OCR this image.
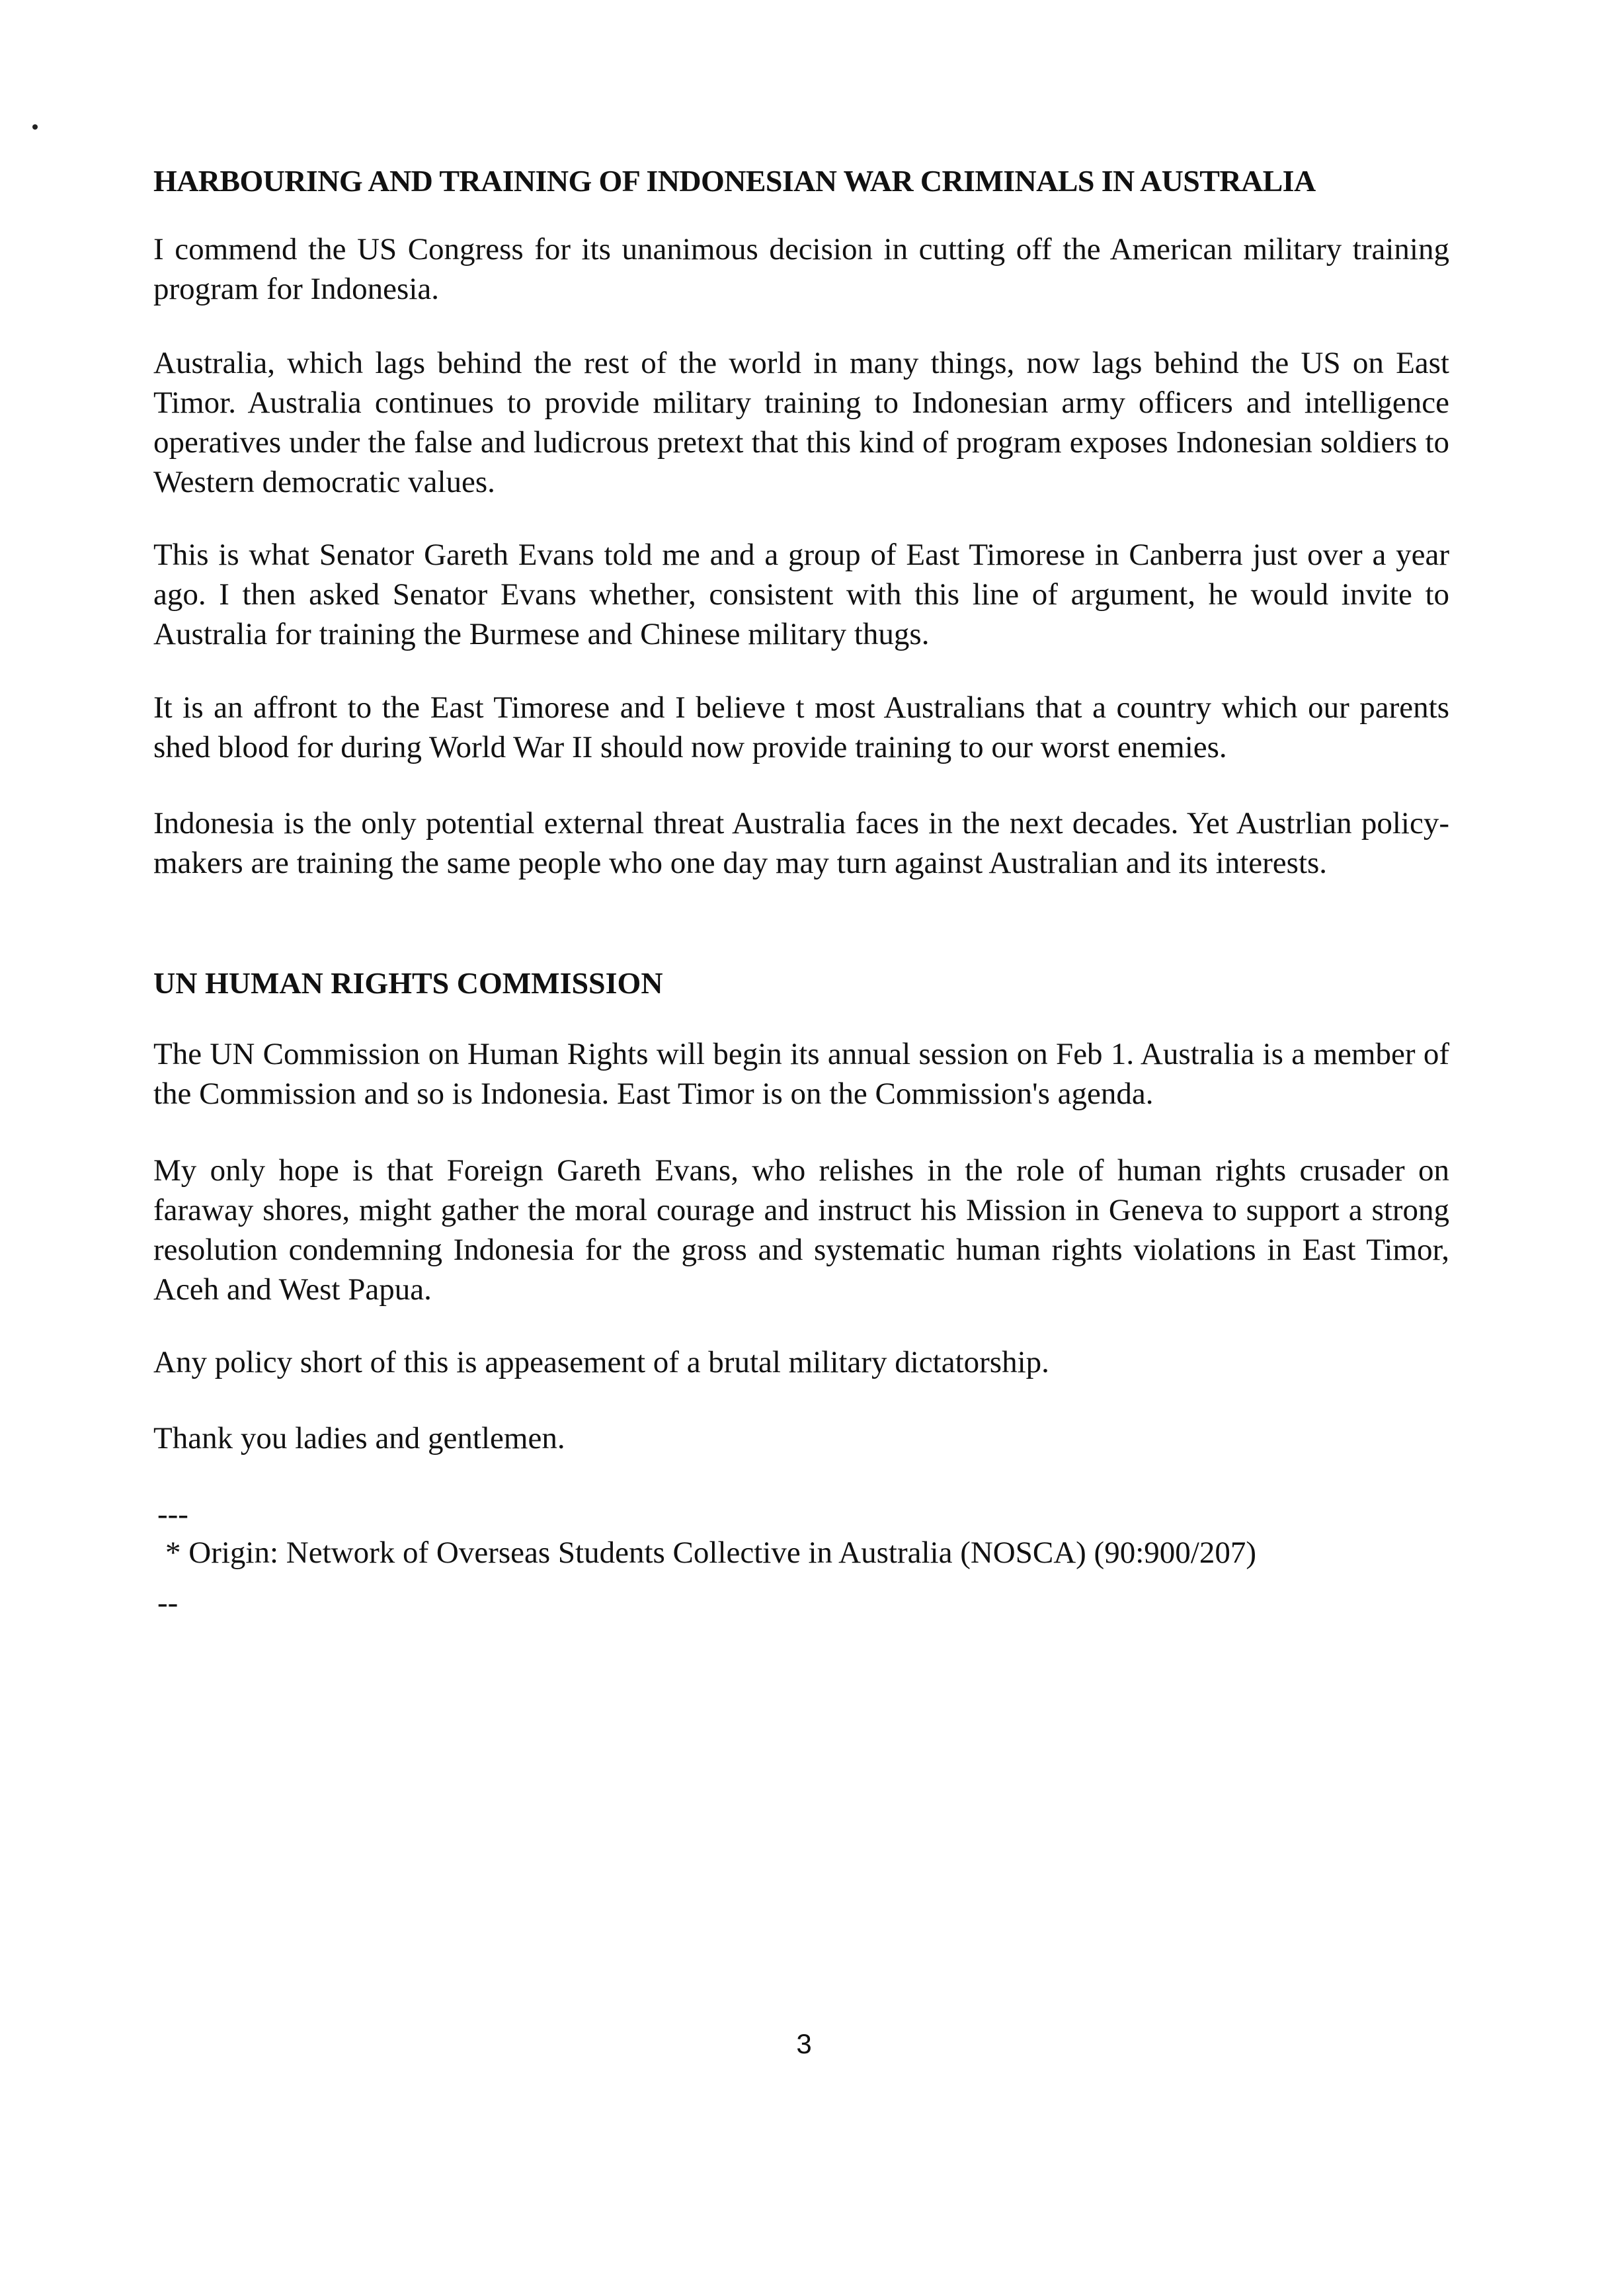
HARBOURING AND TRAINING OF INDONESIAN WAR CRIMINALS IN AUSTRALIA

I commend the US Congress for its unanimous decision in cutting off the American military training program for Indonesia.

Australia, which lags behind the rest of the world in many things, now lags behind the US on East Timor. Australia continues to provide military training to Indonesian army officers and intelligence operatives under the false and ludicrous pretext that this kind of program exposes Indonesian soldiers to Western democratic values.

This is what Senator Gareth Evans told me and a group of East Timorese in Canberra just over a year ago. I then asked Senator Evans whether, consistent with this line of argument, he would invite to Australia for training the Burmese and Chinese military thugs.

It is an affront to the East Timorese and I believe t most Australians that a country which our parents shed blood for during World War II should now provide training to our worst enemies.

Indonesia is the only potential external threat Australia faces in the next decades. Yet Austrlian policy-makers are training the same people who one day may turn against Australian and its interests.

UN HUMAN RIGHTS COMMISSION

The UN Commission on Human Rights will begin its annual session on Feb 1. Australia is a member of the Commission and so is Indonesia. East Timor is on the Commission's agenda.

My only hope is that Foreign Gareth Evans, who relishes in the role of human rights crusader on faraway shores, might gather the moral courage and instruct his Mission in Geneva to support a strong resolution condemning Indonesia for the gross and systematic human rights violations in East Timor, Aceh and West Papua.

Any policy short of this is appeasement of a brutal military dictatorship.

Thank you ladies and gentlemen.

---
* Origin: Network of Overseas Students Collective in Australia (NOSCA) (90:900/207)
--
3
